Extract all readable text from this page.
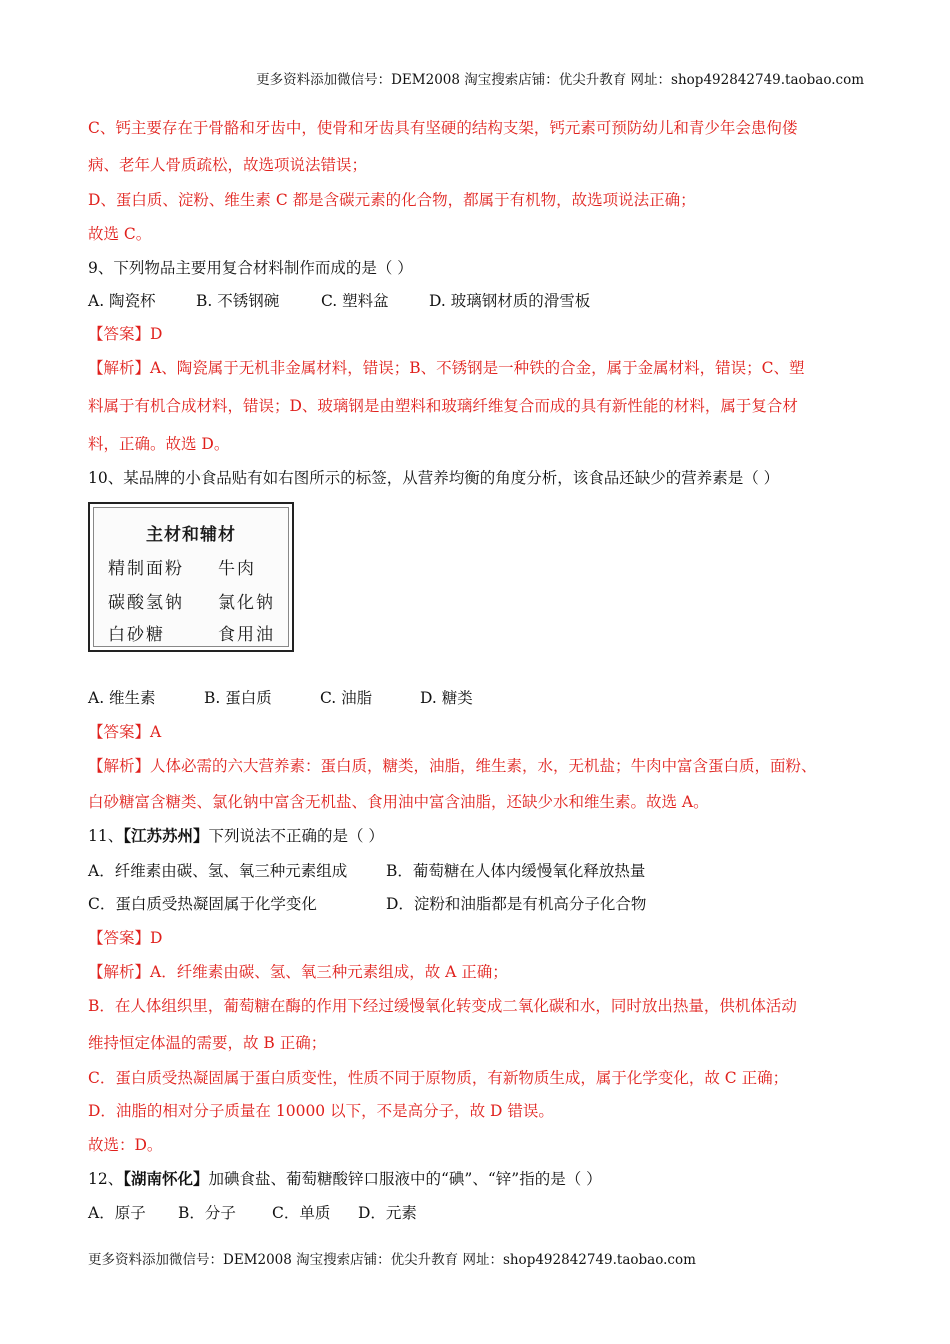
更多资料添加微信号：DEM2008 淘宝搜索店铺：优尖升教育 网址：shop492842749.taobao.com
C、钙主要存在于骨骼和牙齿中，使骨和牙齿具有坚硬的结构支架，钙元素可预防幼儿和青少年会患佝偻
病、老年人骨质疏松，故选项说法错误；
D、蛋白质、淀粉、维生素 C 都是含碳元素的化合物，都属于有机物，故选项说法正确；
故选 C。
9、下列物品主要用复合材料制作而成的是（ ）
A. 陶瓷杯	B. 不锈钢碗	C. 塑料盆	D. 玻璃钢材质的滑雪板
【答案】D
【解析】A、陶瓷属于无机非金属材料，错误；B、不锈钢是一种铁的合金，属于金属材料，错误；C、塑
料属于有机合成材料，错误；D、玻璃钢是由塑料和玻璃纤维复合而成的具有新性能的材料，属于复合材
料，正确。故选 D。
10、某品牌的小食品贴有如右图所示的标签，从营养均衡的角度分析，该食品还缺少的营养素是（ ）
主材和辅材
精制面粉 牛肉
碳酸氢钠 氯化钠
白砂糖	食用油
A. 维生素	B. 蛋白质	C. 油脂	D. 糖类
【答案】A
【解析】人体必需的六大营养素：蛋白质，糖类，油脂，维生素，水，无机盐；牛肉中富含蛋白质，面粉、
白砂糖富含糖类、氯化钠中富含无机盐、食用油中富含油脂，还缺少水和维生素。故选 A。
11、【江苏苏州】下列说法不正确的是（ ）
A．纤维素由碳、氢、氧三种元素组成	B．葡萄糖在人体内缓慢氧化释放热量
C．蛋白质受热凝固属于化学变化	D．淀粉和油脂都是有机高分子化合物
【答案】D
【解析】A．纤维素由碳、氢、氧三种元素组成，故 A 正确；
B．在人体组织里，葡萄糖在酶的作用下经过缓慢氧化转变成二氧化碳和水，同时放出热量，供机体活动
维持恒定体温的需要，故 B 正确；
C．蛋白质受热凝固属于蛋白质变性，性质不同于原物质，有新物质生成，属于化学变化，故 C 正确；
D．油脂的相对分子质量在 10000 以下，不是高分子，故 D 错误。
故选：D。
12、【湖南怀化】加碘食盐、葡萄糖酸锌口服液中的“碘”、“锌”指的是（ ）
A．原子 B．分子 C．单质 D．元素
更多资料添加微信号：DEM2008 淘宝搜索店铺：优尖升教育 网址：shop492842749.taobao.com
